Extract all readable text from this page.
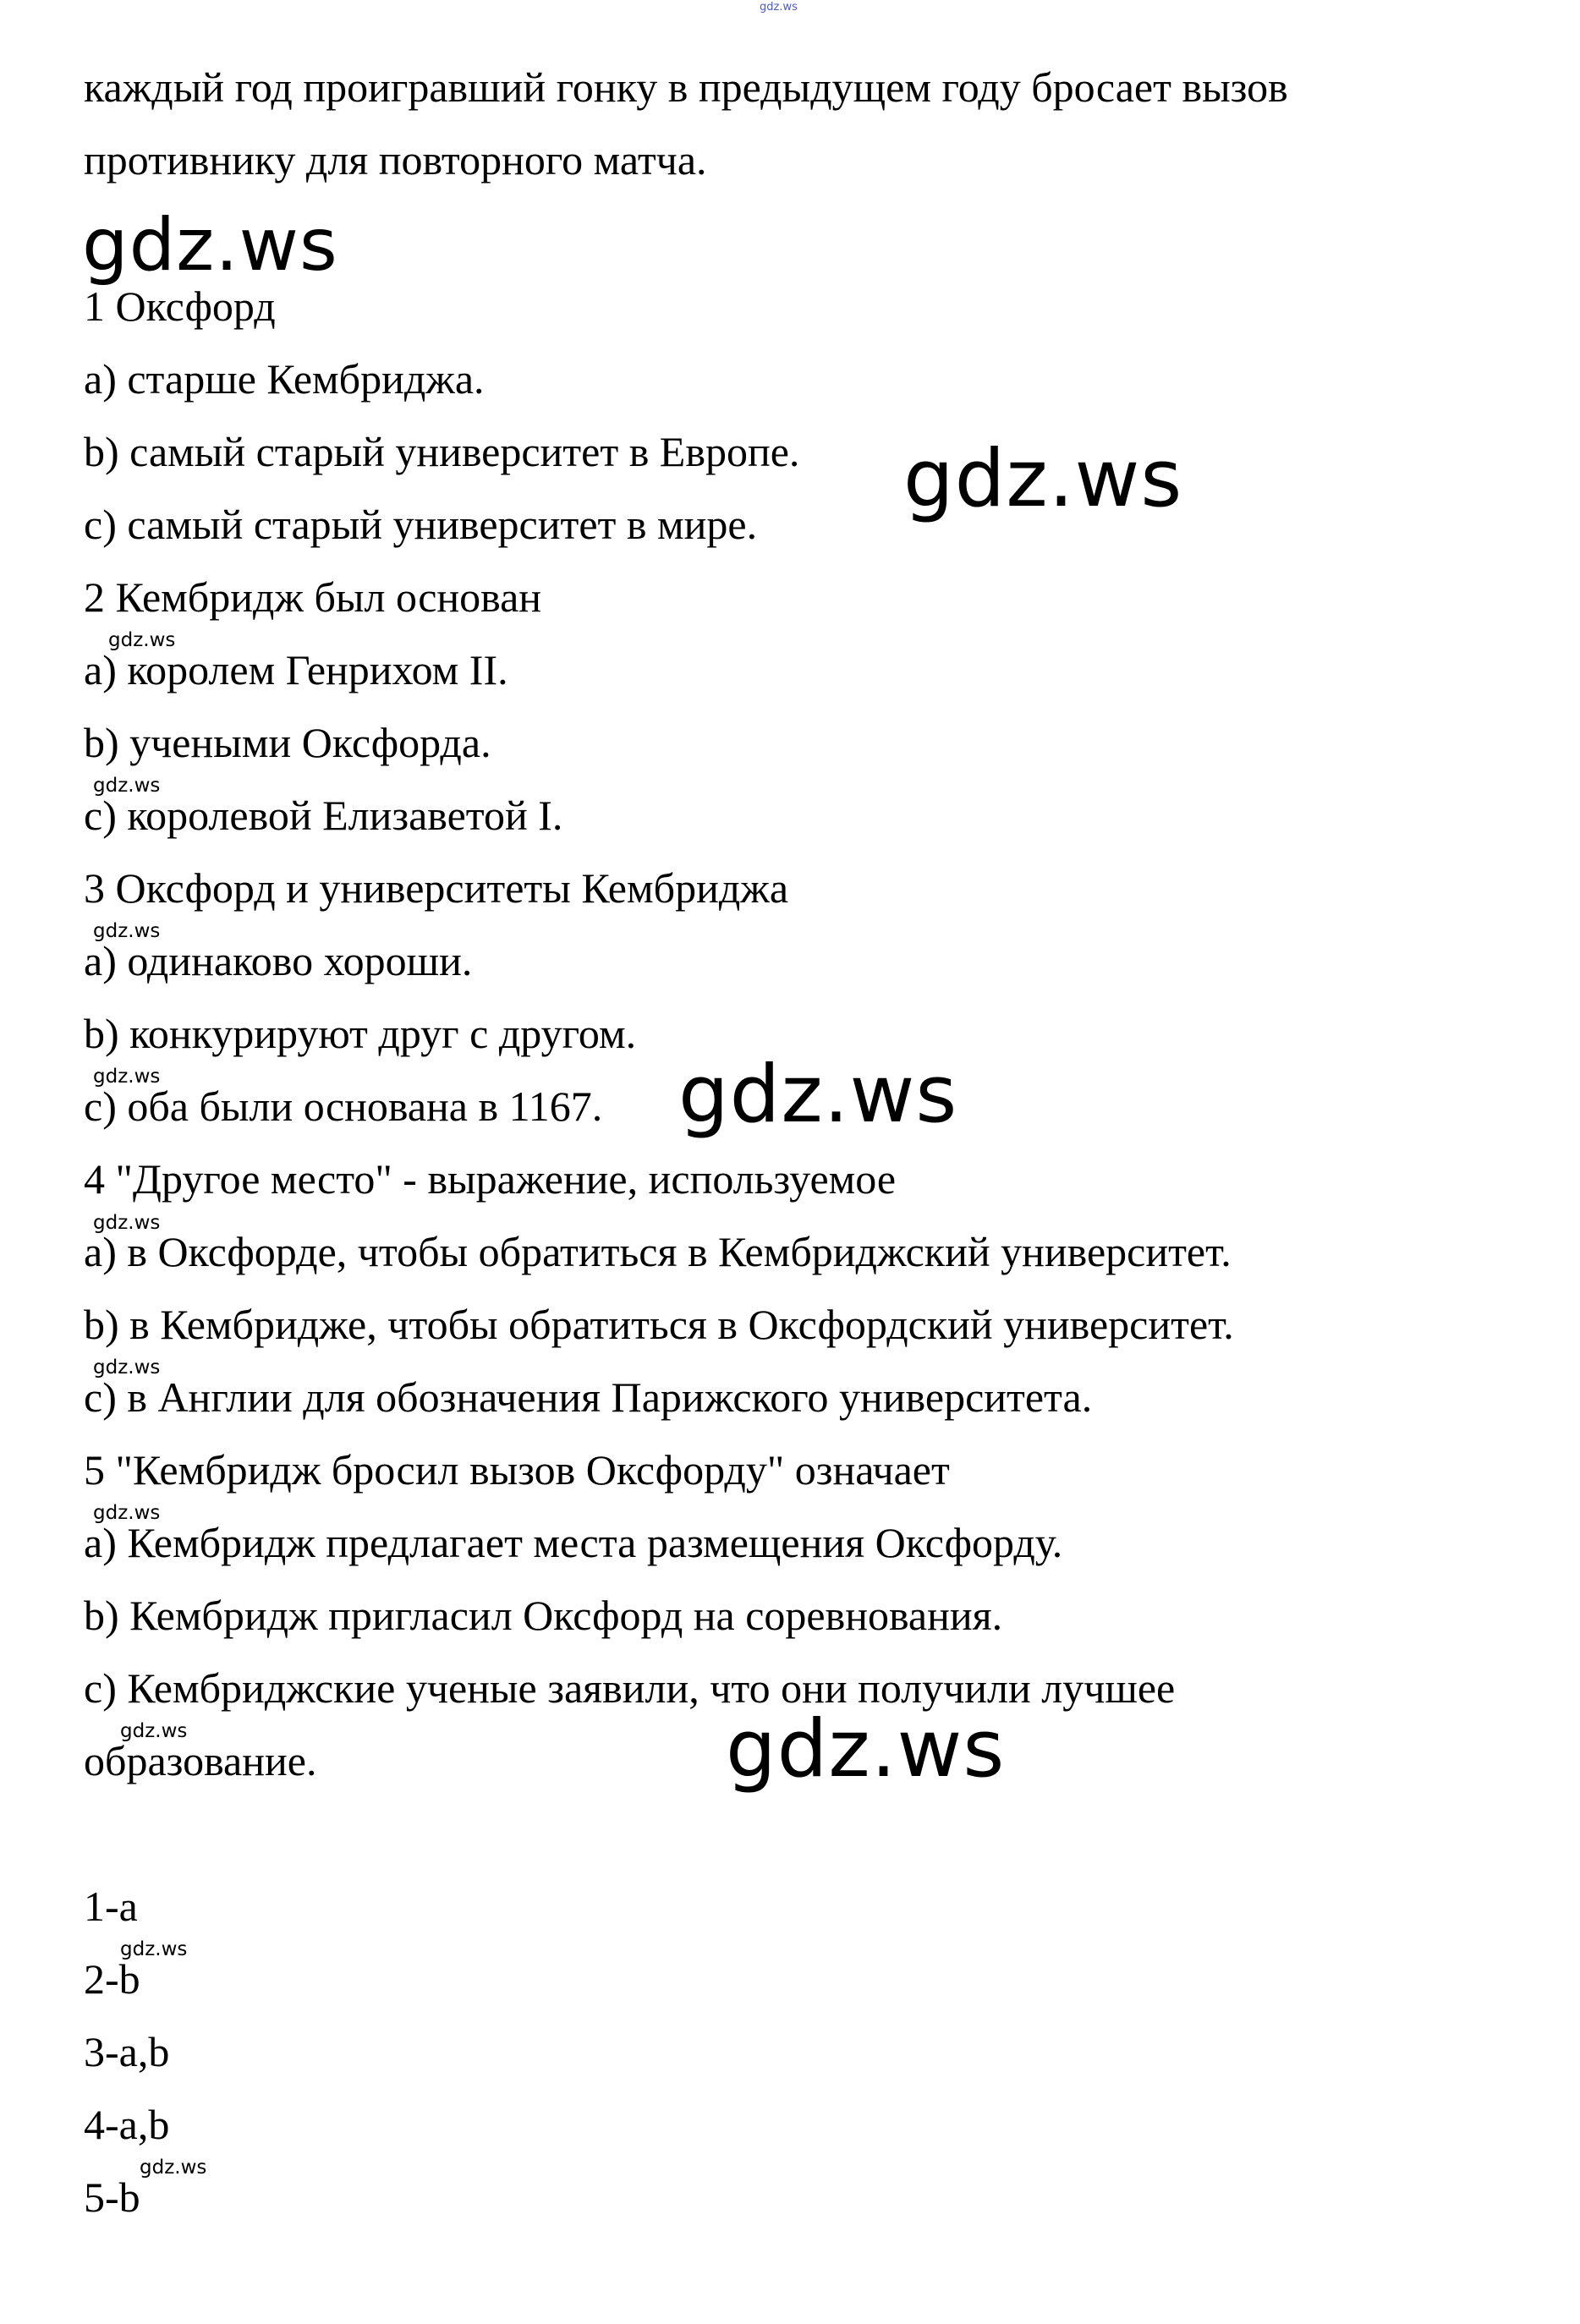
gdz.ws
каждый год проигравший гонку в предыдущем году бросает вызов
противнику для повторного матча.
gdz.ws
1 Оксфорд
a) старше Кембриджа.
b) самый старый университет в Европе.
c) самый старый университет в мире. gdz.ws
2 Кембридж был основан
gdz.ws
a) королем Генрихом II.
b) учеными Оксфорда.
gdz.ws
c) королевой Елизаветой I.
3 Оксфорд и университеты Кембриджа
gdz.ws
a) одинаково хороши.
b) конкурируют друг с другом.
gdz.ws
c) оба были основана в 1167. gdz.ws
4 "Другое место" - выражение, используемое
gdz.ws
a) в Оксфорде, чтобы обратиться в Кембриджский университет.
b) в Кембридже, чтобы обратиться в Оксфордский университет.
gdz.ws
c) в Англии для обозначения Парижского университета.
5 "Кембридж бросил вызов Оксфорду" означает
gdz.ws
a) Кембридж предлагает места размещения Оксфорду.
b) Кембридж пригласил Оксфорд на соревнования.
c) Кембриджские ученые заявили, что они получили лучшее
gdz.ws
образование.	gdz.ws
1-a
gdz.ws
2-b
3-a,b
4-a,b
gdz.ws
5-b
